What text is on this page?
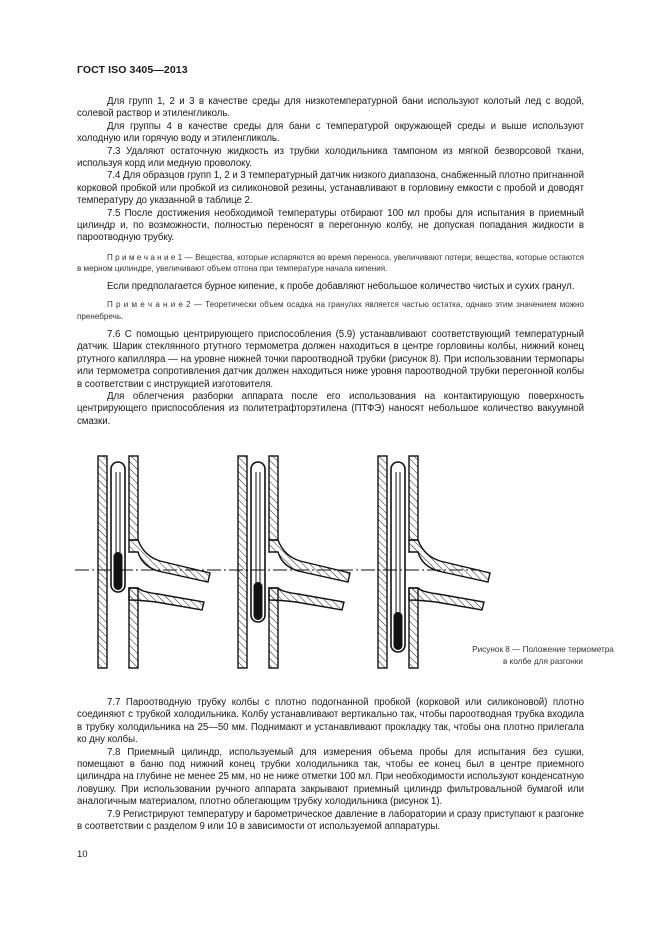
ГОСТ ISO 3405—2013

Для групп 1, 2 и 3 в качестве среды для низкотемпературной бани используют колотый лед с водой, солевой раствор и этиленгликоль.

Для группы 4 в качестве среды для бани с температурой окружающей среды и выше используют холодную или горячую воду и этиленгликоль.

7.3 Удаляют остаточную жидкость из трубки холодильника тампоном из мягкой безворсовой ткани, используя корд или медную проволоку.

7.4 Для образцов групп 1, 2 и 3 температурный датчик низкого диапазона, снабженный плотно пригнанной корковой пробкой или пробкой из силиконовой резины, устанавливают в горловину емкости с пробой и доводят температуру до указанной в таблице 2.

7.5 После достижения необходимой температуры отбирают 100 мл пробы для испытания в приемный цилиндр и, по возможности, полностью переносят в перегонную колбу, не допуская попадания жидкости в пароотводную трубку.

П р и м е ч а н и е 1 — Вещества, которые испаряются во время переноса, увеличивают потери; вещества, которые остаются в мерном цилиндре, увеличивают объем отгона при температуре начала кипения.

Если предполагается бурное кипение, к пробе добавляют небольшое количество чистых и сухих гранул.

П р и м е ч а н и е 2 — Теоретически объем осадка на гранулах является частью остатка, однако этим значением можно пренебречь.

7.6 С помощью центрирующего приспособления (5.9) устанавливают соответствующий температурный датчик. Шарик стеклянного ртутного термометра должен находиться в центре горловины колбы, нижний конец ртутного капилляра — на уровне нижней точки пароотводной трубки (рисунок 8). При использовании термопары или термометра сопротивления датчик должен находиться ниже уровня пароотводной трубки перегонной колбы в соответствии с инструкцией изготовителя.

Для облегчения разборки аппарата после его использования на контактирующую поверхность центрирующего приспособления из политетрафторэтилена (ПТФЭ) наносят небольшое количество вакуумной смазки.

Рисунок 8 — Положение термометра в колбе для разгонки

7.7 Пароотводную трубку колбы с плотно подогнанной пробкой (корковой или силиконовой) плотно соединяют с трубкой холодильника. Колбу устанавливают вертикально так, чтобы пароотводная трубка входила в трубку холодильника на 25—50 мм. Поднимают и устанавливают прокладку так, чтобы она плотно прилегала ко дну колбы.

7.8 Приемный цилиндр, используемый для измерения объема пробы для испытания без сушки, помещают в баню под нижний конец трубки холодильника так, чтобы ее конец был в центре приемного цилиндра на глубине не менее 25 мм, но не ниже отметки 100 мл. При необходимости используют конденсатную ловушку. При использовании ручного аппарата закрывают приемный цилиндр фильтровальной бумагой или аналогичным материалом, плотно облегающим трубку холодильника (рисунок 1).

7.9 Регистрируют температуру и барометрическое давление в лаборатории и сразу приступают к разгонке в соответствии с разделом 9 или 10 в зависимости от используемой аппаратуры.

10
